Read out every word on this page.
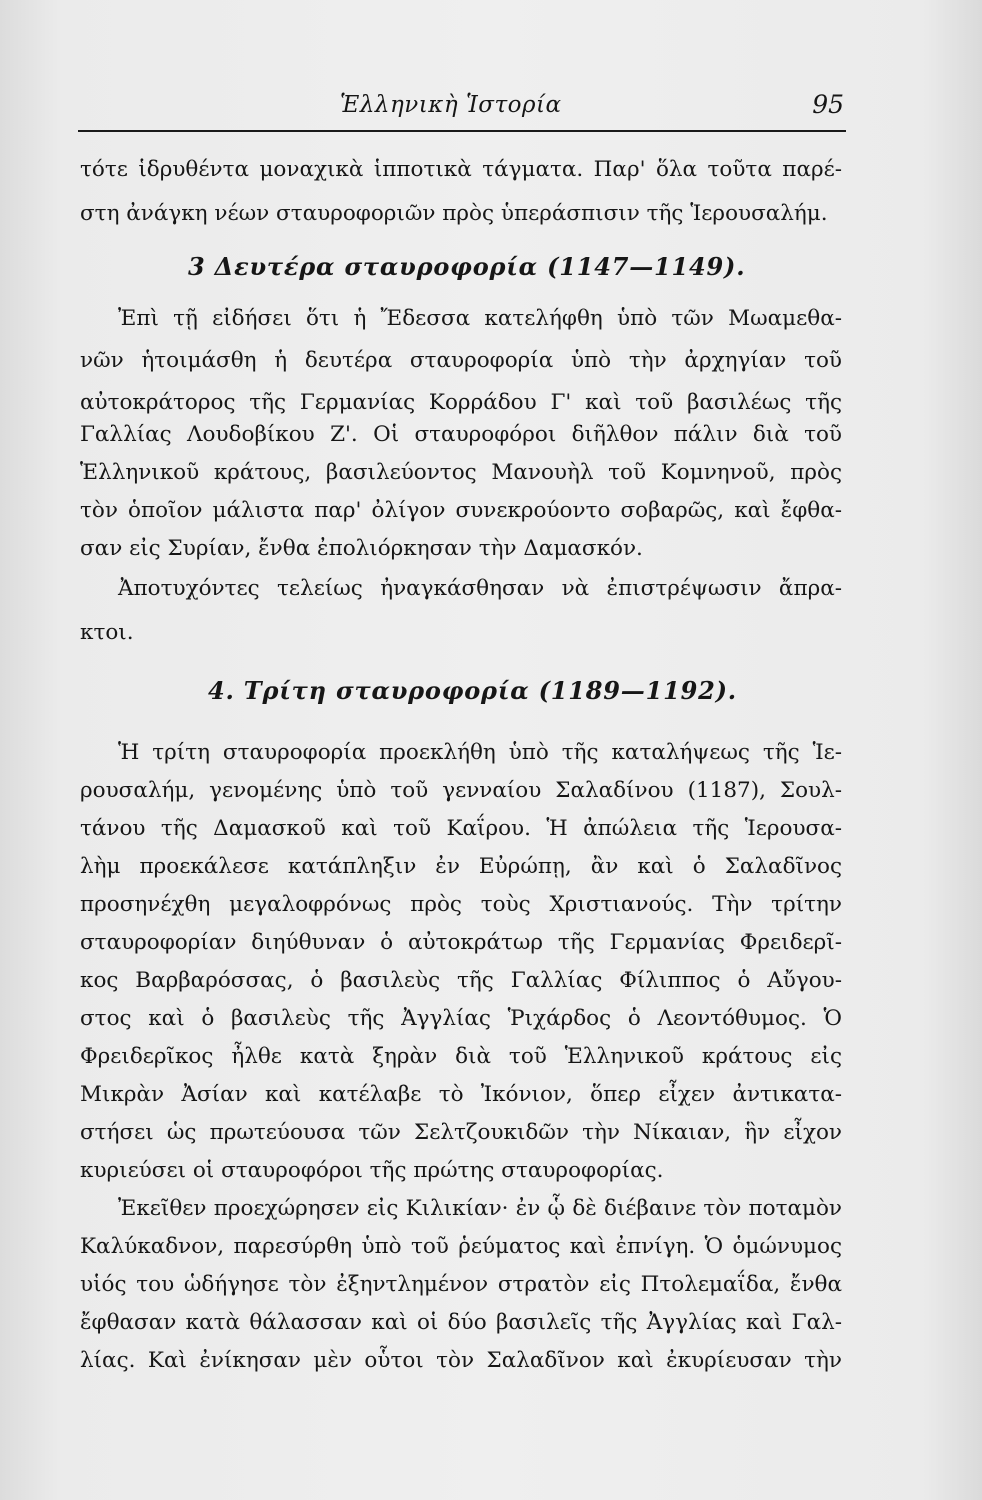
Ἑλληνικὴ Ἱστορία	95
τότε ἱδρυθέντα μοναχικὰ ἱπποτικὰ τάγματα. Παρ' ὅλα τοῦτα παρέ-
στη ἀνάγκη νέων σταυροφοριῶν πρὸς ὑπεράσπισιν τῆς Ἱερουσαλήμ.
3 Δευτέρα σταυροφορία (1147—1149).
Ἐπὶ τῇ εἰδήσει ὅτι ἡ Ἔδεσσα κατελήφθη ὑπὸ τῶν Μωαμεθα-
νῶν ἡτοιμάσθη ἡ δευτέρα σταυροφορία ὑπὸ τὴν ἀρχηγίαν τοῦ
αὐτοκράτορος τῆς Γερμανίας Κορράδου Γ' καὶ τοῦ βασιλέως τῆς
Γαλλίας Λουδοβίκου Ζ'. Οἱ σταυροφόροι διῆλθον πάλιν διὰ τοῦ
Ἑλληνικοῦ κράτους, βασιλεύοντος Μανουὴλ τοῦ Κομνηνοῦ, πρὸς
τὸν ὁποῖον μάλιστα παρ' ὀλίγον συνεκρούοντο σοβαρῶς, καὶ ἔφθα-
σαν εἰς Συρίαν, ἔνθα ἐπολιόρκησαν τὴν Δαμασκόν.
Ἀποτυχόντες τελείως ἠναγκάσθησαν νὰ ἐπιστρέψωσιν ἄπρα-
κτοι.
4. Τρίτη σταυροφορία (1189—1192).
Ἡ τρίτη σταυροφορία προεκλήθη ὑπὸ τῆς καταλήψεως τῆς Ἱε-
ρουσαλήμ, γενομένης ὑπὸ τοῦ γενναίου Σαλαδίνου (1187), Σουλ-
τάνου τῆς Δαμασκοῦ καὶ τοῦ Καΐρου. Ἡ ἀπώλεια τῆς Ἱερουσα-
λὴμ προεκάλεσε κατάπληξιν ἐν Εὐρώπῃ, ἂν καὶ ὁ Σαλαδῖνος
προσηνέχθη μεγαλοφρόνως πρὸς τοὺς Χριστιανούς. Τὴν τρίτην
σταυροφορίαν διηύθυναν ὁ αὐτοκράτωρ τῆς Γερμανίας Φρειδερῖ-
κος Βαρβαρόσσας, ὁ βασιλεὺς τῆς Γαλλίας Φίλιππος ὁ Αὔγου-
στος καὶ ὁ βασιλεὺς τῆς Ἀγγλίας Ῥιχάρδος ὁ Λεοντόθυμος. Ὁ
Φρειδερῖκος ἦλθε κατὰ ξηρὰν διὰ τοῦ Ἑλληνικοῦ κράτους εἰς
Μικρὰν Ἀσίαν καὶ κατέλαβε τὸ Ἰκόνιον, ὅπερ εἶχεν ἀντικατα-
στήσει ὡς πρωτεύουσα τῶν Σελτζουκιδῶν τὴν Νίκαιαν, ἣν εἶχον
κυριεύσει οἱ σταυροφόροι τῆς πρώτης σταυροφορίας.
Ἐκεῖθεν προεχώρησεν εἰς Κιλικίαν· ἐν ᾧ δὲ διέβαινε τὸν ποταμὸν
Καλύκαδνον, παρεσύρθη ὑπὸ τοῦ ῥεύματος καὶ ἐπνίγη. Ὁ ὁμώνυμος
υἱός του ὡδήγησε τὸν ἐξηντλημένον στρατὸν εἰς Πτολεμαΐδα, ἔνθα
ἔφθασαν κατὰ θάλασσαν καὶ οἱ δύο βασιλεῖς τῆς Ἀγγλίας καὶ Γαλ-
λίας. Καὶ ἐνίκησαν μὲν οὗτοι τὸν Σαλαδῖνον καὶ ἐκυρίευσαν τὴν
